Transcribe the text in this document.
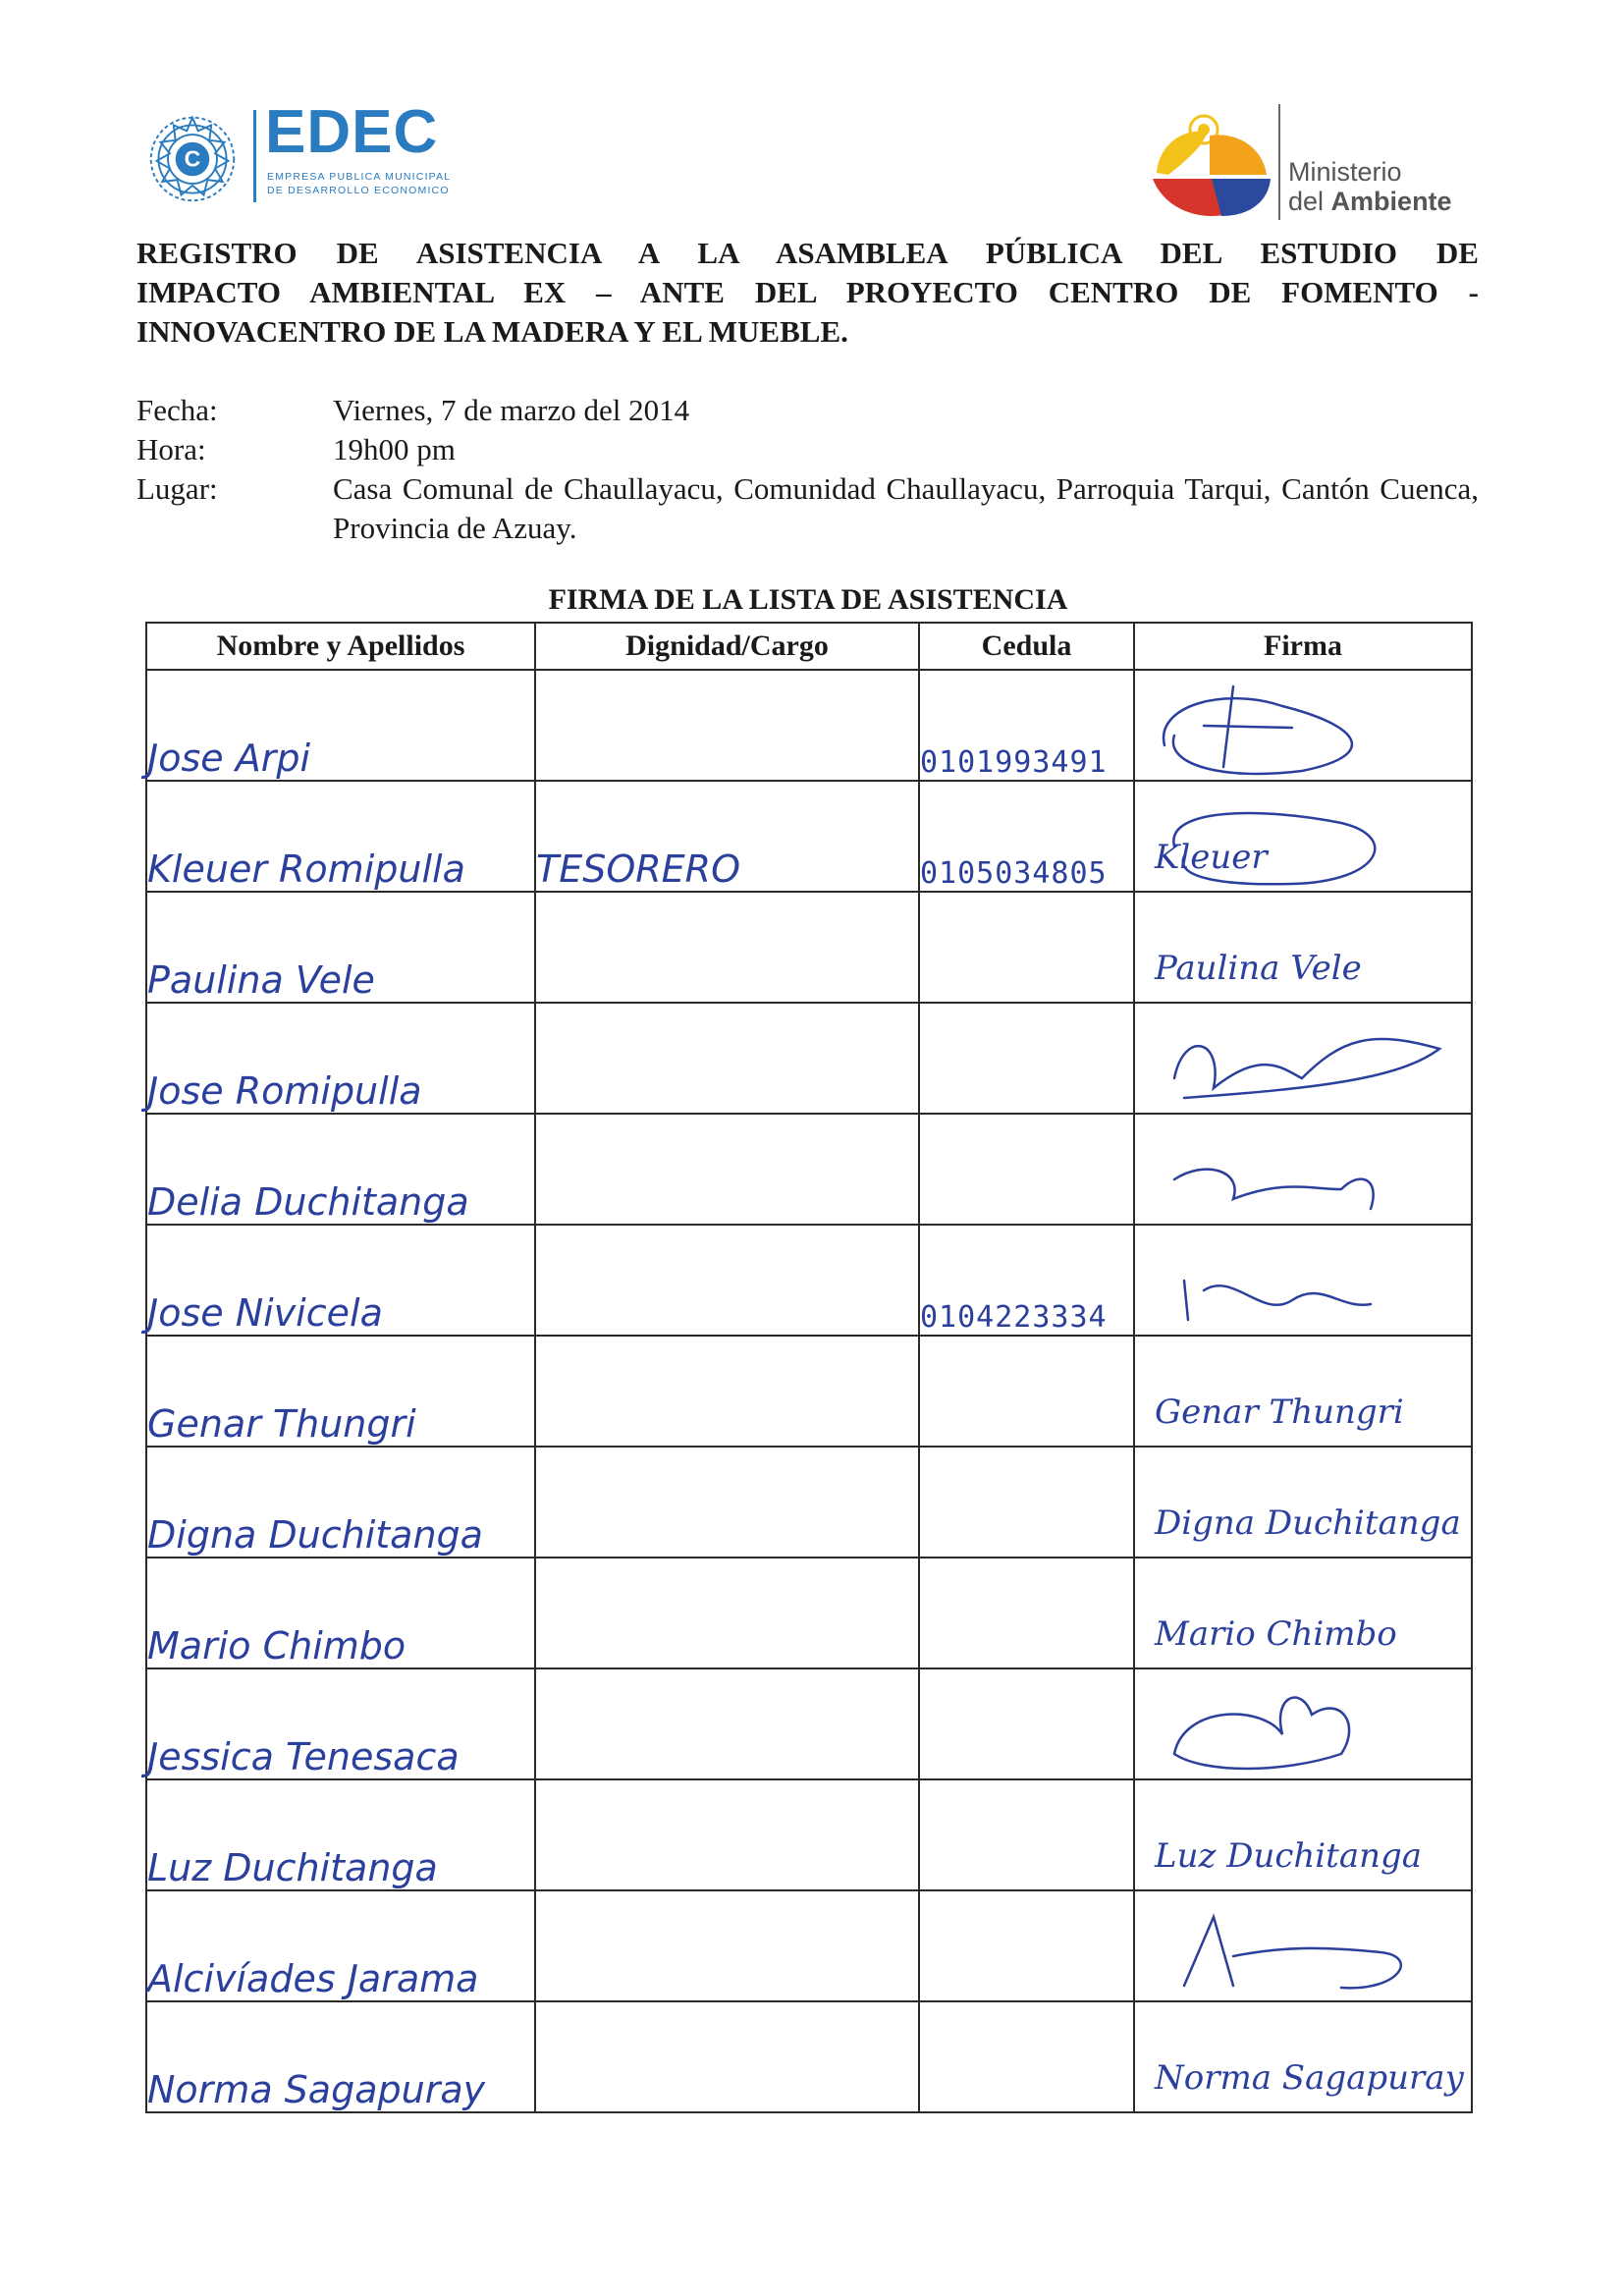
C EDEC
EMPRESA PUBLICA MUNICIPAL
DE DESARROLLO ECONOMICO
Ministerio
del Ambiente
REGISTRO DE ASISTENCIA A LA ASAMBLEA PÚBLICA DEL ESTUDIO DE
IMPACTO AMBIENTAL EX – ANTE DEL PROYECTO CENTRO DE FOMENTO -
INNOVACENTRO DE LA MADERA Y EL MUEBLE.
Fecha:	Viernes, 7 de marzo del 2014
Hora:	19h00 pm
Lugar:	Casa Comunal de Chaullayacu, Comunidad Chaullayacu, Parroquia Tarqui, Cantón Cuenca, Provincia de Azuay.
FIRMA DE LA LISTA DE ASISTENCIA
Nombre y Apellidos	Dignidad/Cargo	Cedula	Firma
Jose Arpi		0101993491	

Kleuer Romipulla	TESORERO	0105034805	Kleuer

Paulina Vele			Paulina Vele

Jose Romipulla			

Delia Duchitanga			

Jose Nivicela		0104223334	

Genar Thungri			Genar Thungri

Digna Duchitanga			Digna Duchitanga

Mario Chimbo			Mario Chimbo

Jessica Tenesaca			

Luz Duchitanga			Luz Duchitanga

Alcivíades Jarama			

Norma Sagapuray			Norma Sagapuray
